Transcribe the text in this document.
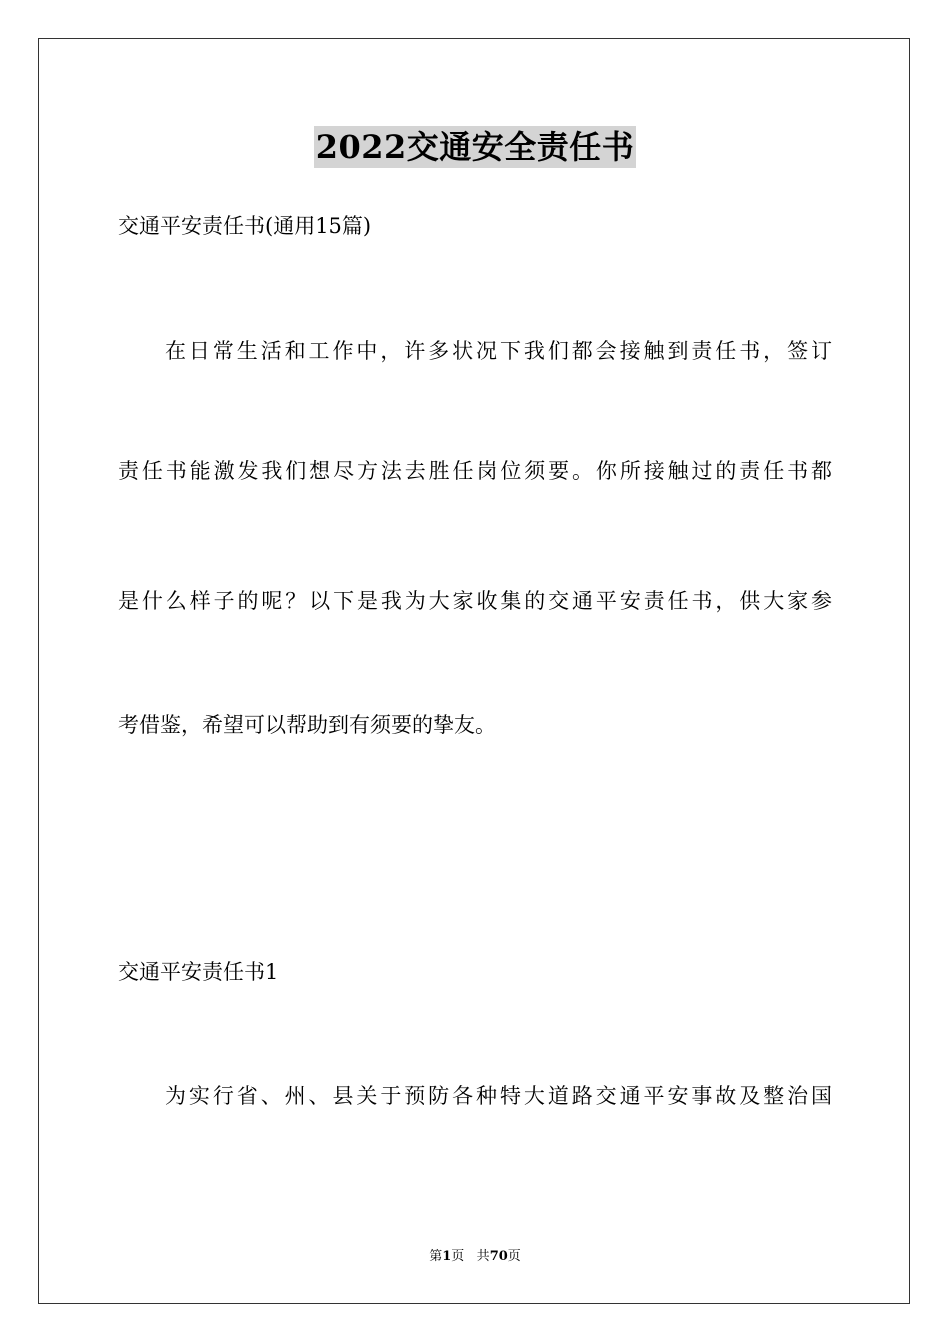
2022交通安全责任书
交通平安责任书(通用15篇)
在日常生活和工作中，许多状况下我们都会接触到责任书，签订
责任书能激发我们想尽方法去胜任岗位须要。你所接触过的责任书都
是什么样子的呢？以下是我为大家收集的交通平安责任书，供大家参
考借鉴，希望可以帮助到有须要的挚友。
交通平安责任书1
为实行省、州、县关于预防各种特大道路交通平安事故及整治国
第1页 共70页
